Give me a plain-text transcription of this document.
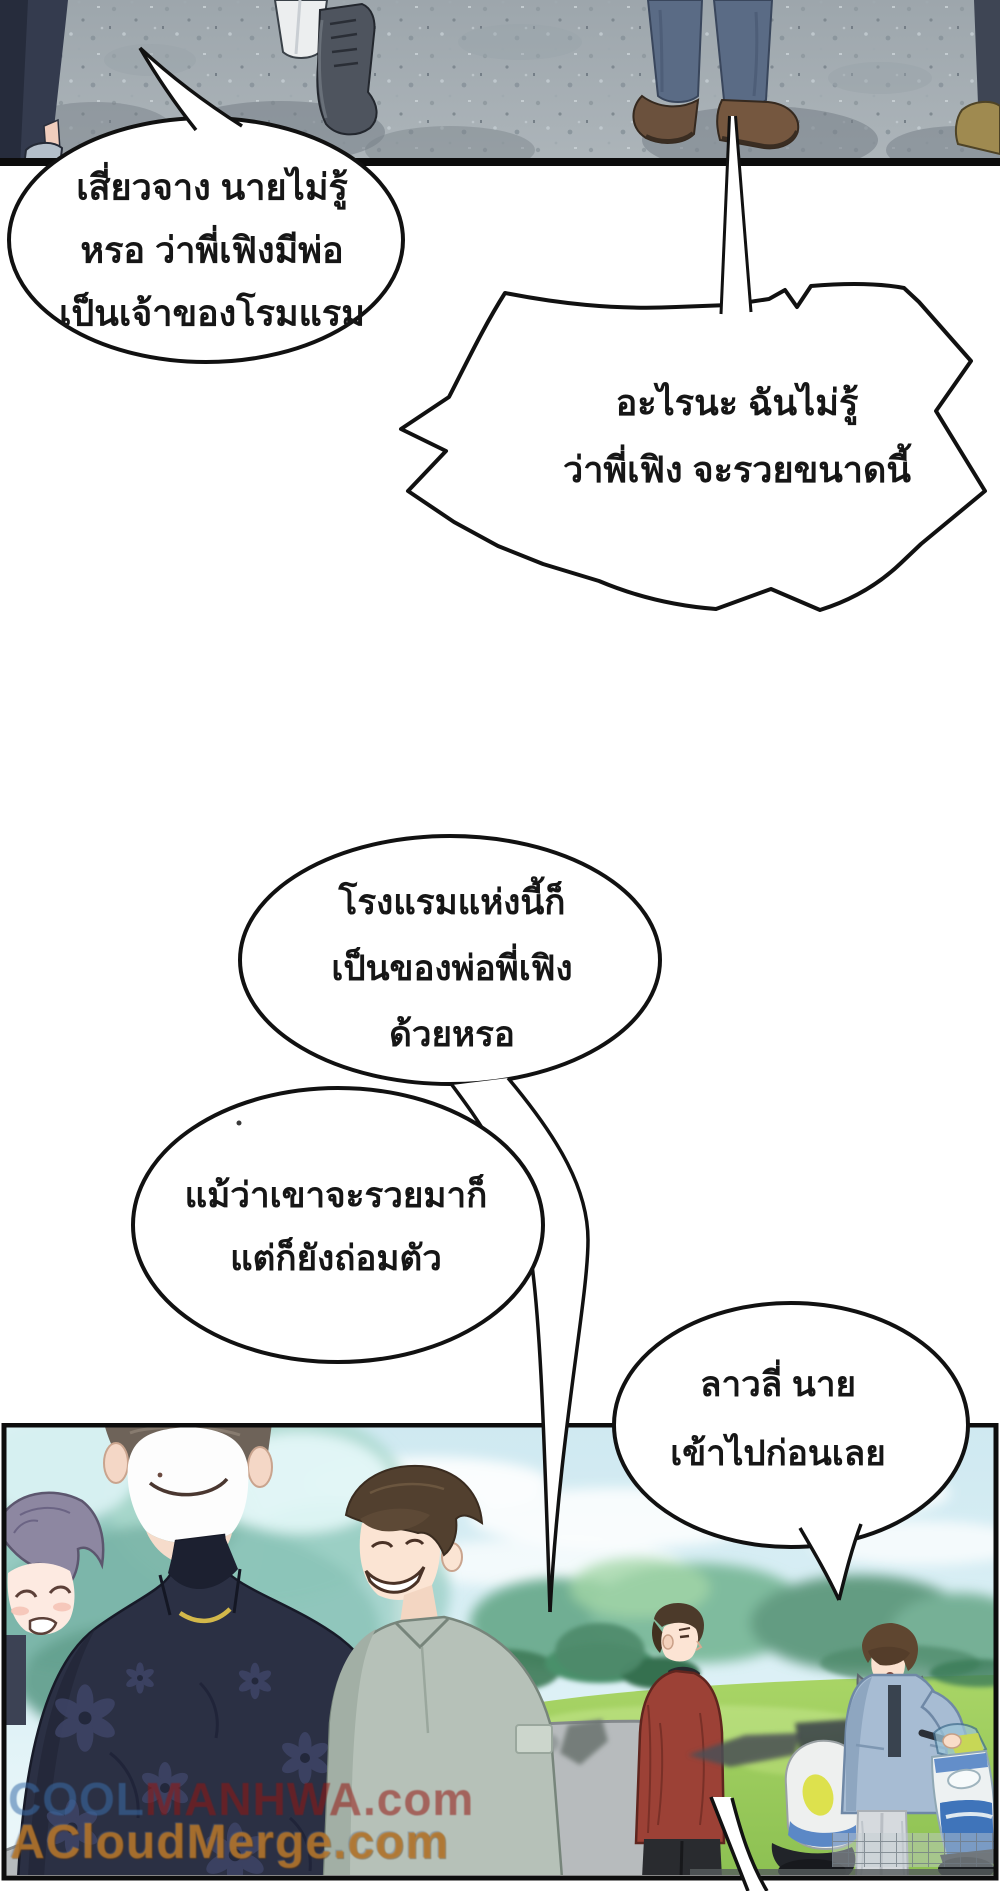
COOLMANHWA.com
ACloudMerge.com
เสี่ยวจาง นายไม่รู้
หรอ ว่าพี่เฟิงมีพ่อ
เป็นเจ้าของโรมแรม
อะไรนะ ฉันไม่รู้
ว่าพี่เฟิง จะรวยขนาดนี้
โรงแรมแห่งนี้ก็
เป็นของพ่อพี่เฟิง
ด้วยหรอ
แม้ว่าเขาจะรวยมาก็
แต่ก็ยังถ่อมตัว
ลาวลี่ นาย
เข้าไปก่อนเลย
